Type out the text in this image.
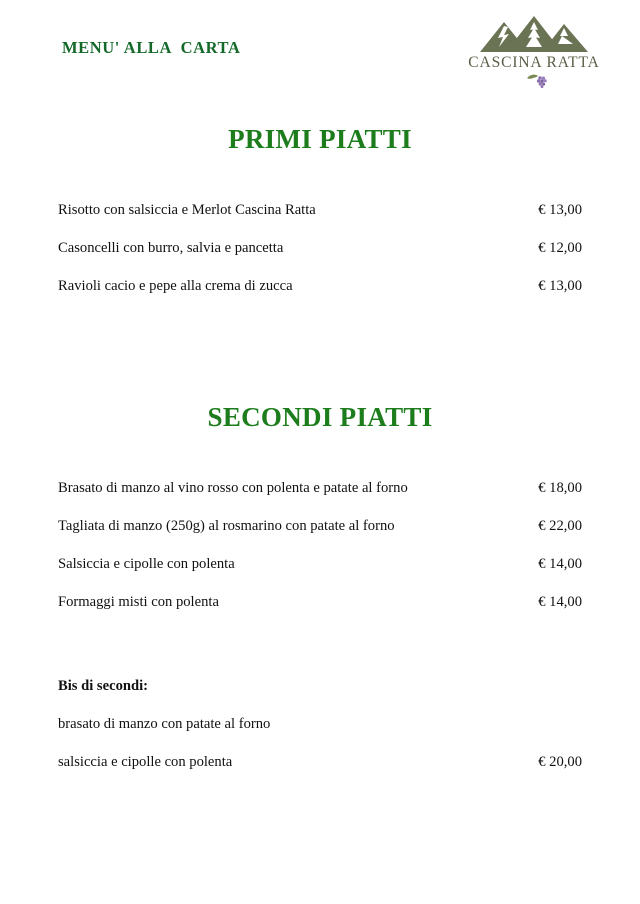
MENU' ALLA  CARTA
CASCINA RATTA
PRIMI PIATTI
Risotto con salsiccia e Merlot Cascina Ratta	€ 13,00
Casoncelli con burro, salvia e pancetta	€ 12,00
Ravioli cacio e pepe alla crema di zucca	€ 13,00
SECONDI PIATTI
Brasato di manzo al vino rosso con polenta e patate al forno	€ 18,00
Tagliata di manzo (250g) al rosmarino con patate al forno	€ 22,00
Salsiccia e cipolle con polenta	€ 14,00
Formaggi misti con polenta	€ 14,00
Bis di secondi:
brasato di manzo con patate al forno
salsiccia e cipolle con polenta	€ 20,00
